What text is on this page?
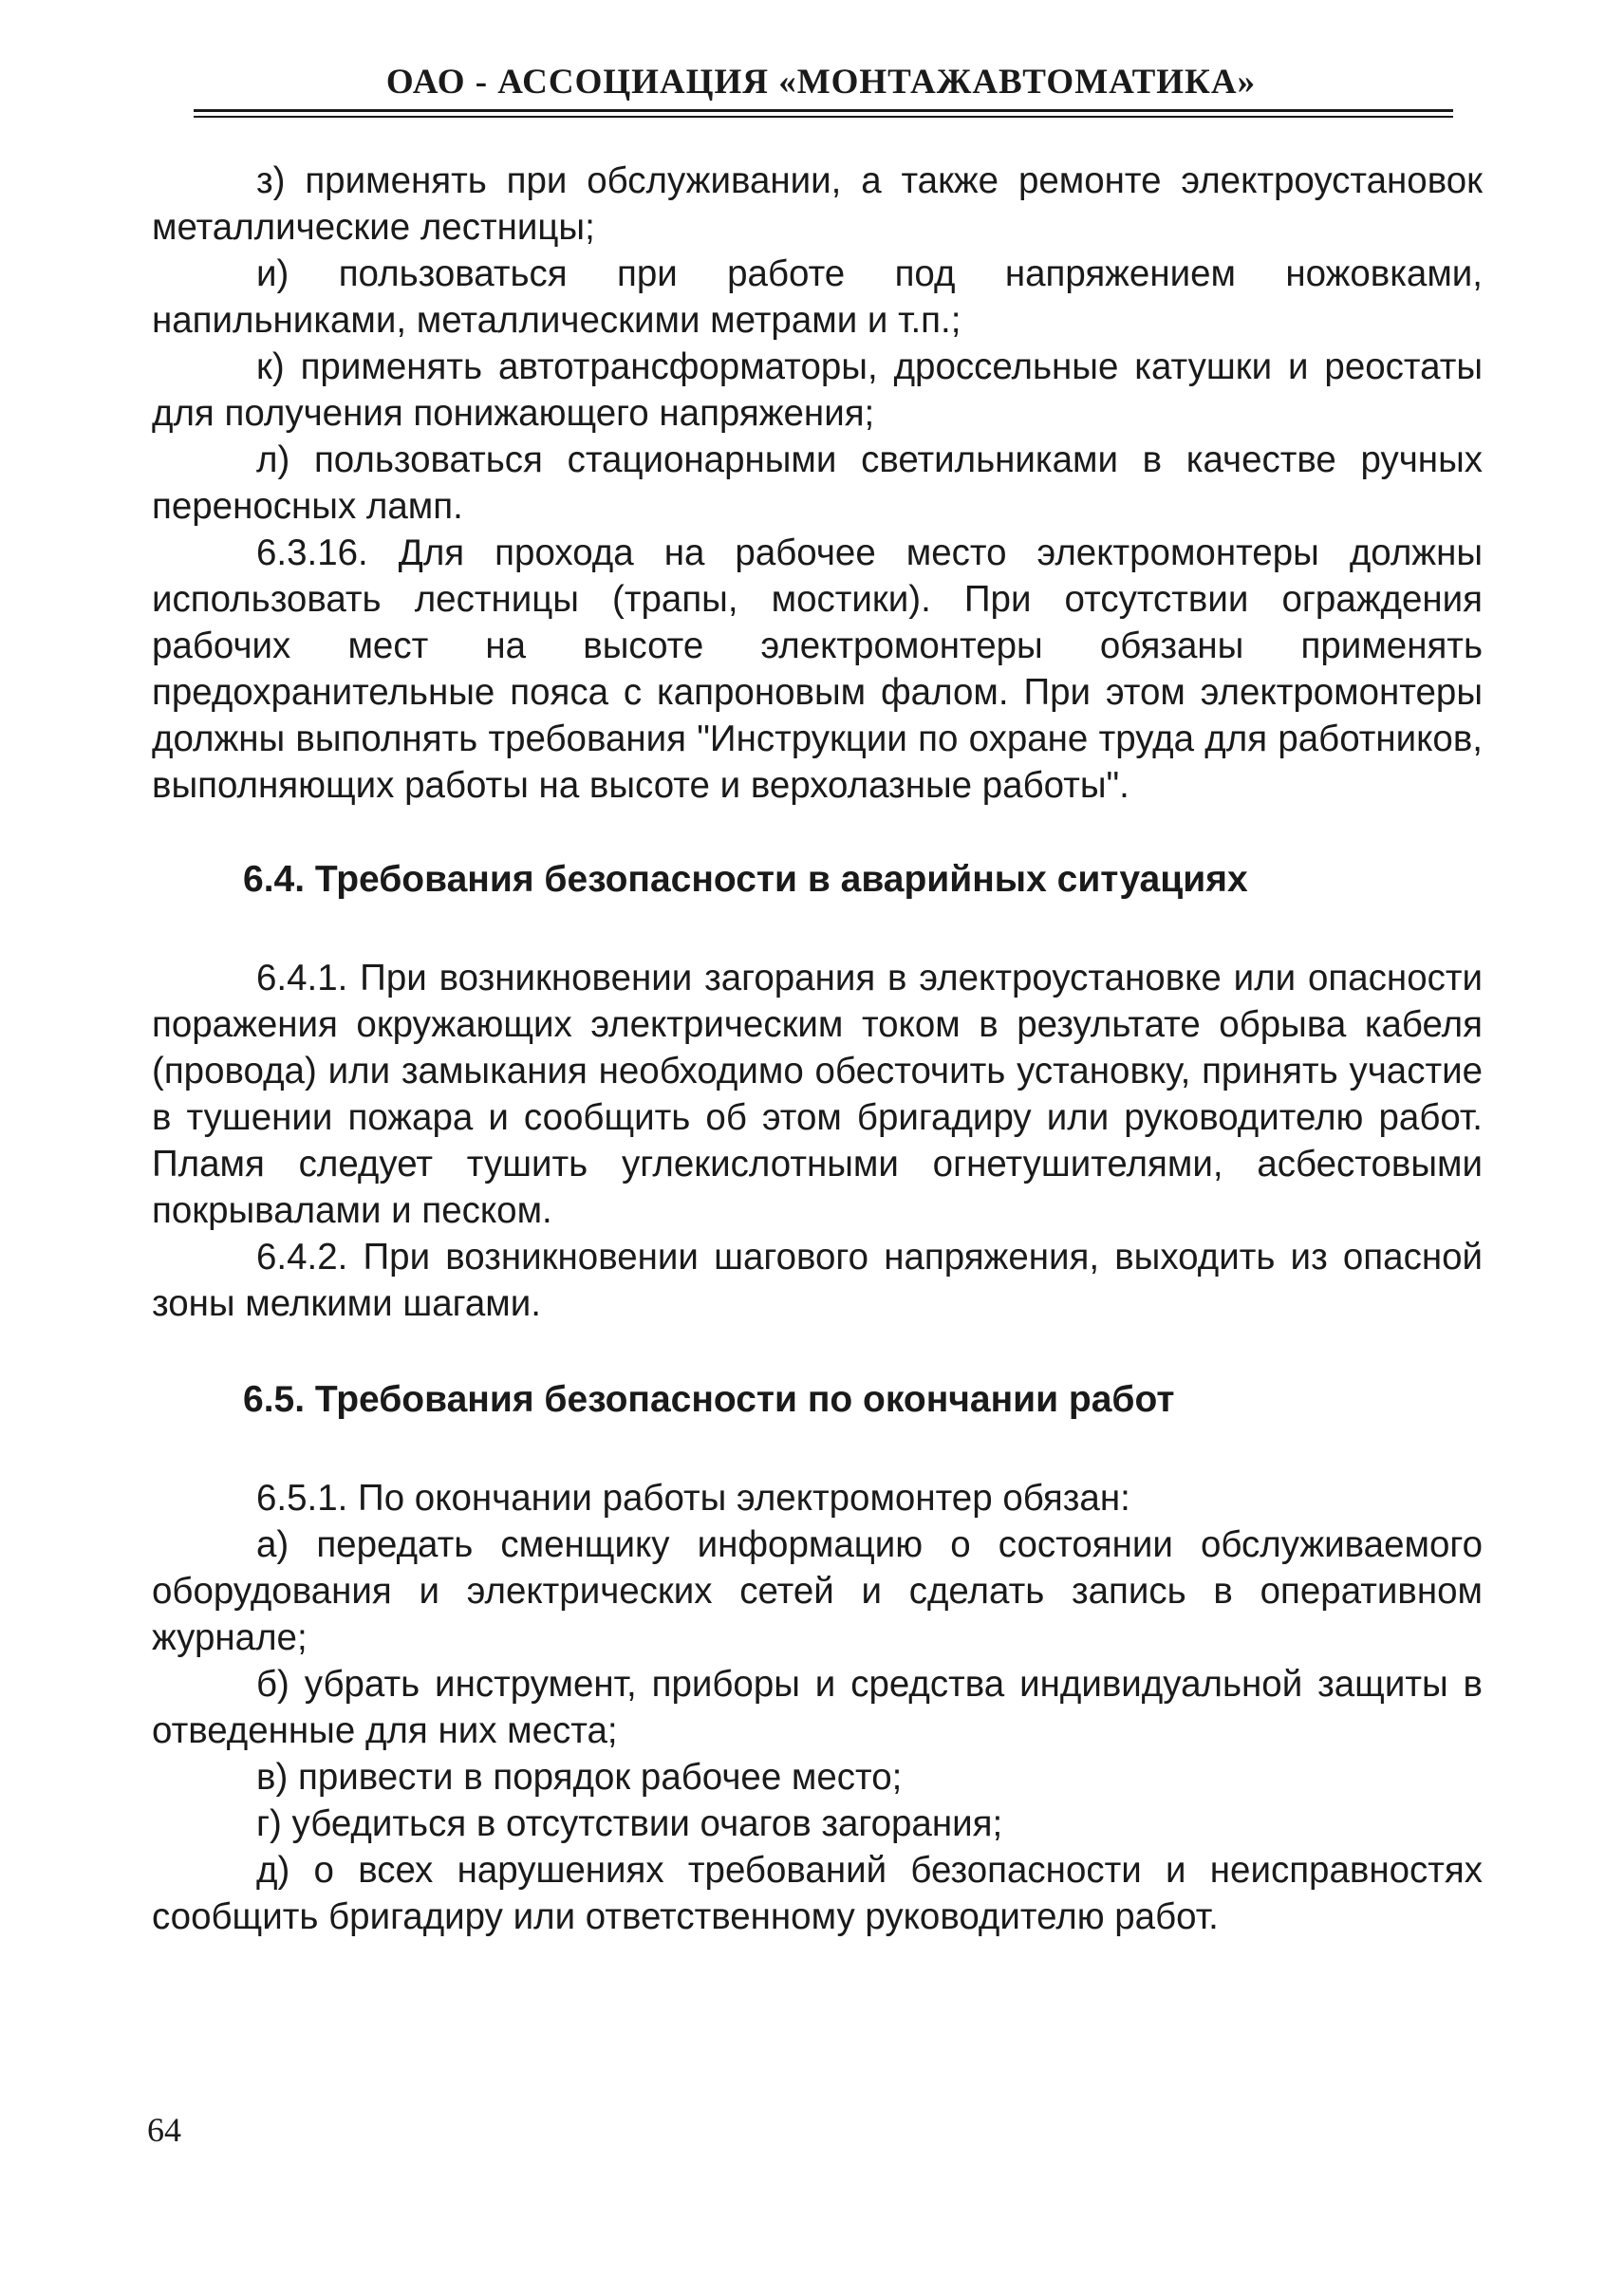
ОАО - АССОЦИАЦИЯ «МОНТАЖАВТОМАТИКА»

з) применять при обслуживании, а также ремонте электроустановок металлические лестницы;

и) пользоваться при работе под напряжением ножовками, напильниками, металлическими метрами и т.п.;

к) применять автотрансформаторы, дроссельные катушки и реостаты для получения понижающего напряжения;

л) пользоваться стационарными светильниками в качестве ручных переносных ламп.

6.3.16. Для прохода на рабочее место электромонтеры должны использовать лестницы (трапы, мостики). При отсутствии ограждения рабочих мест на высоте электромонтеры обязаны применять предохранительные пояса с капроновым фалом. При этом электромонтеры должны выполнять требования "Инструкции по охране труда для работников, выполняющих работы на высоте и верхолазные работы".

6.4. Требования безопасности в аварийных ситуациях

6.4.1. При возникновении загорания в электроустановке или опасности поражения окружающих электрическим током в результате обрыва кабеля (провода) или замыкания необходимо обесточить установку, принять участие в тушении пожара и сообщить об этом бригадиру или руководителю работ. Пламя следует тушить углекислотными огнетушителями, асбестовыми покрывалами и песком.

6.4.2. При возникновении шагового напряжения, выходить из опасной зоны мелкими шагами.

6.5. Требования безопасности по окончании работ

6.5.1. По окончании работы электромонтер обязан:

а) передать сменщику информацию о состоянии обслуживаемого оборудования и электрических сетей и сделать запись в оперативном журнале;

б) убрать инструмент, приборы и средства индивидуальной защиты в отведенные для них места;

в) привести в порядок рабочее место;

г) убедиться в отсутствии очагов загорания;

д) о всех нарушениях требований безопасности и неисправностях сообщить бригадиру или ответственному руководителю работ.

64
